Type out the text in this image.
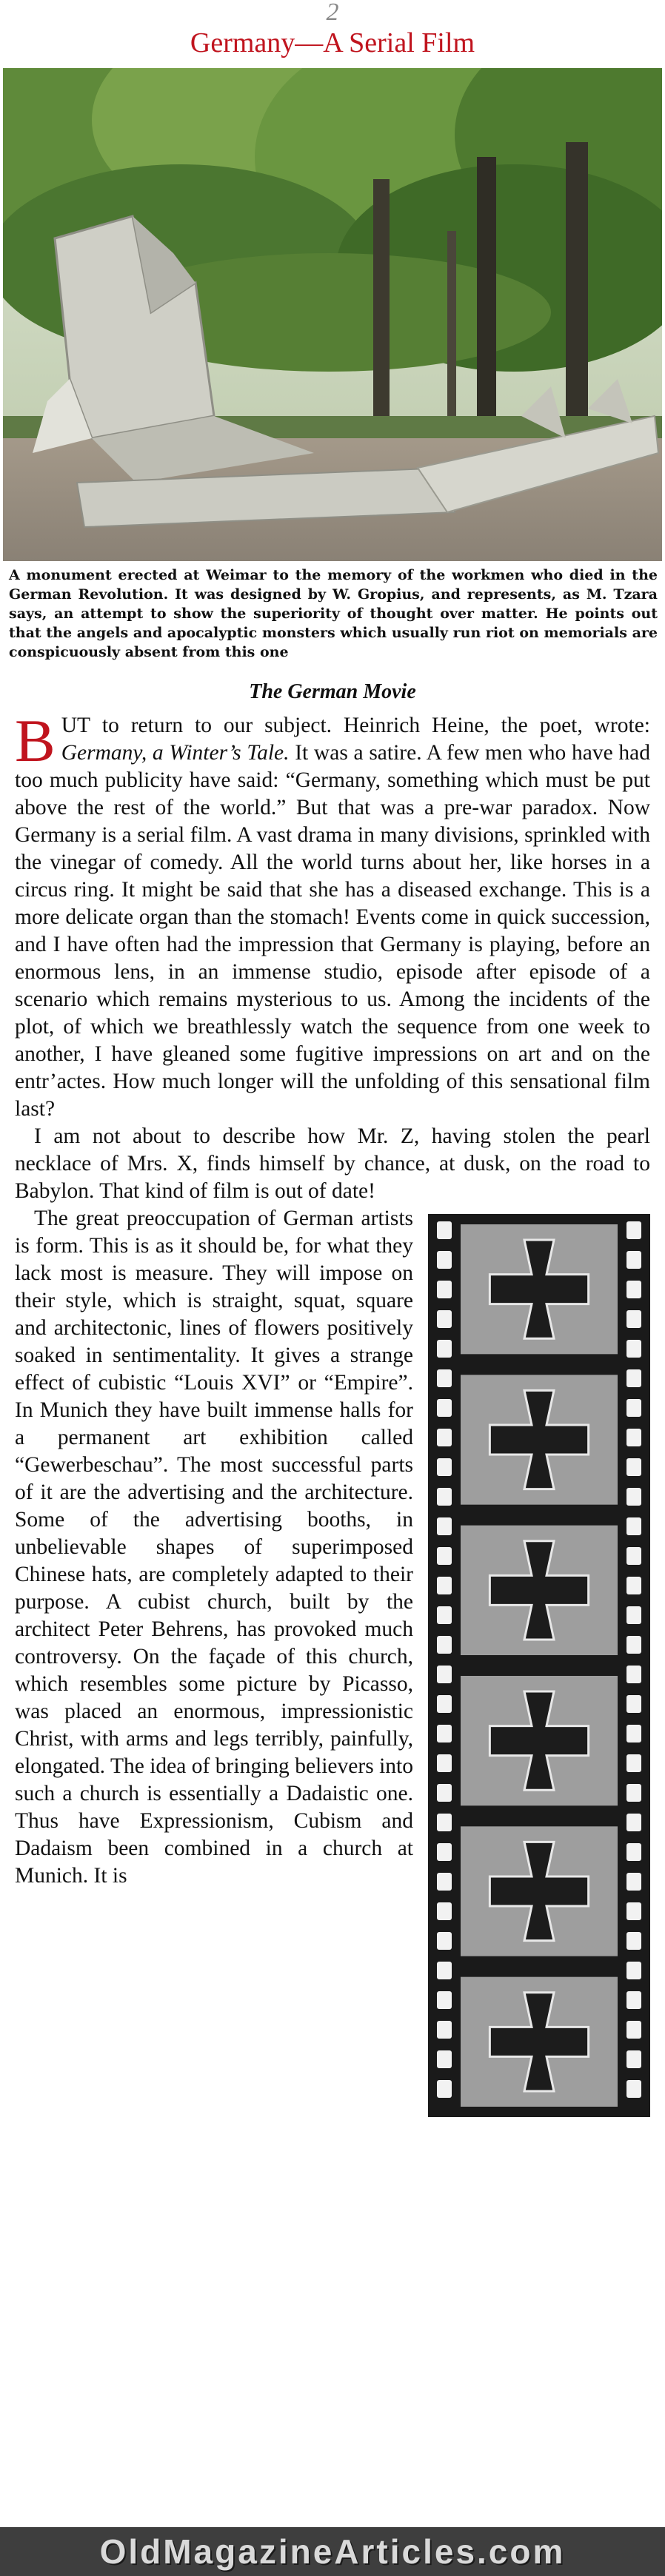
2
Germany—A Serial Film
A monument erected at Weimar to the memory of the workmen who died in the German Revolution. It was designed by W. Gropius, and represents, as M. Tzara says, an attempt to show the superiority of thought over matter. He points out that the angels and apocalyptic monsters which usually run riot on memorials are conspicuously absent from this one
The German Movie

BUT to return to our subject. Heinrich Heine, the poet, wrote: Germany, a Winter’s Tale. It was a satire. A few men who have had too much publicity have said: “Germany, something which must be put above the rest of the world.” But that was a pre-war paradox. Now Germany is a serial film. A vast drama in many divisions, sprinkled with the vinegar of comedy. All the world turns about her, like horses in a circus ring. It might be said that she has a diseased exchange. This is a more delicate organ than the stomach! Events come in quick succession, and I have often had the impression that Germany is playing, before an enormous lens, in an immense studio, episode after episode of a scenario which remains mysterious to us. Among the incidents of the plot, of which we breathlessly watch the sequence from one week to another, I have gleaned some fugitive impressions on art and on the entr’actes. How much longer will the unfolding of this sensational film last?

I am not about to describe how Mr. Z, having stolen the pearl necklace of Mrs. X, finds himself by chance, at dusk, on the road to Babylon. That kind of film is out of date!

The great preoccupation of German artists is form. This is as it should be, for what they lack most is measure. They will impose on their style, which is straight, squat, square and architectonic, lines of flowers positively soaked in sentimentality. It gives a strange effect of cubistic “Louis XVI” or “Empire”. In Munich they have built immense halls for a permanent art exhibition called “Gewerbeschau”. The most successful parts of it are the advertising and the architecture. Some of the advertising booths, in unbelievable shapes of superimposed Chinese hats, are completely adapted to their purpose. A cubist church, built by the architect Peter Behrens, has provoked much controversy. On the façade of this church, which resembles some picture by Picasso, was placed an enormous, impressionistic Christ, with arms and legs terribly, painfully, elongated. The idea of bringing believers into such a church is essentially a Dadaistic one. Thus have Expressionism, Cubism and Dadaism been combined in a church at Munich. It is

OldMagazineArticles.com
